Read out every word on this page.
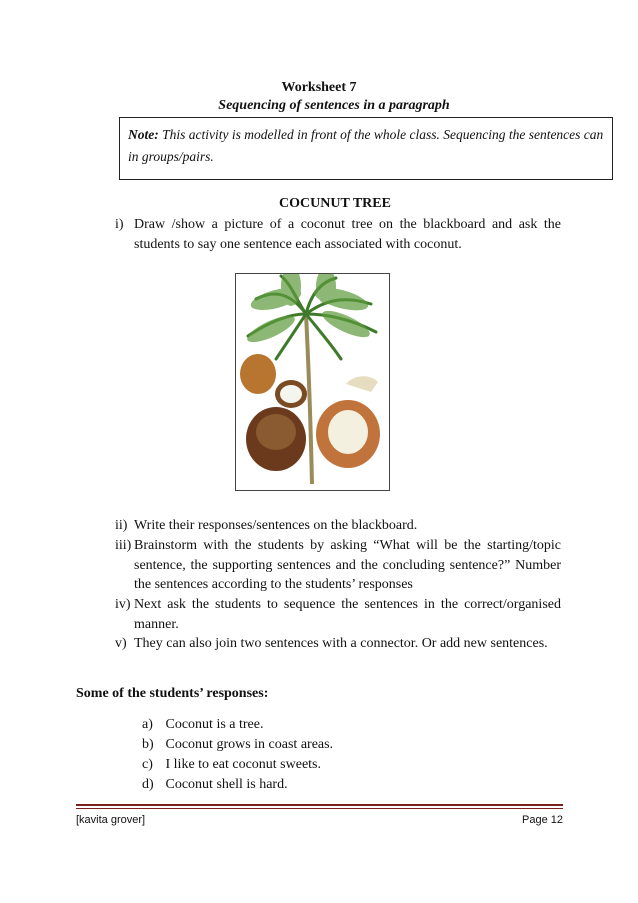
Worksheet 7
Sequencing of sentences in a paragraph
Note: This activity is modelled in front of the whole class. Sequencing the sentences can in groups/pairs.
COCUNUT TREE
i) Draw /show a picture of a coconut tree on the blackboard and ask the students to say one sentence each associated with coconut.
ii) Write their responses/sentences on the blackboard.
iii) Brainstorm with the students by asking “What will be the starting/topic sentence, the supporting sentences and the concluding sentence?” Number the sentences according to the students’ responses
iv) Next ask the students to sequence the sentences in the correct/organised manner.
v) They can also join two sentences with a connector. Or add new sentences.
Some of the students’ responses:
a) Coconut is a tree.
b) Coconut grows in coast areas.
c) I like to eat coconut sweets.
d) Coconut shell is hard.
[kavita grover]	Page 12
